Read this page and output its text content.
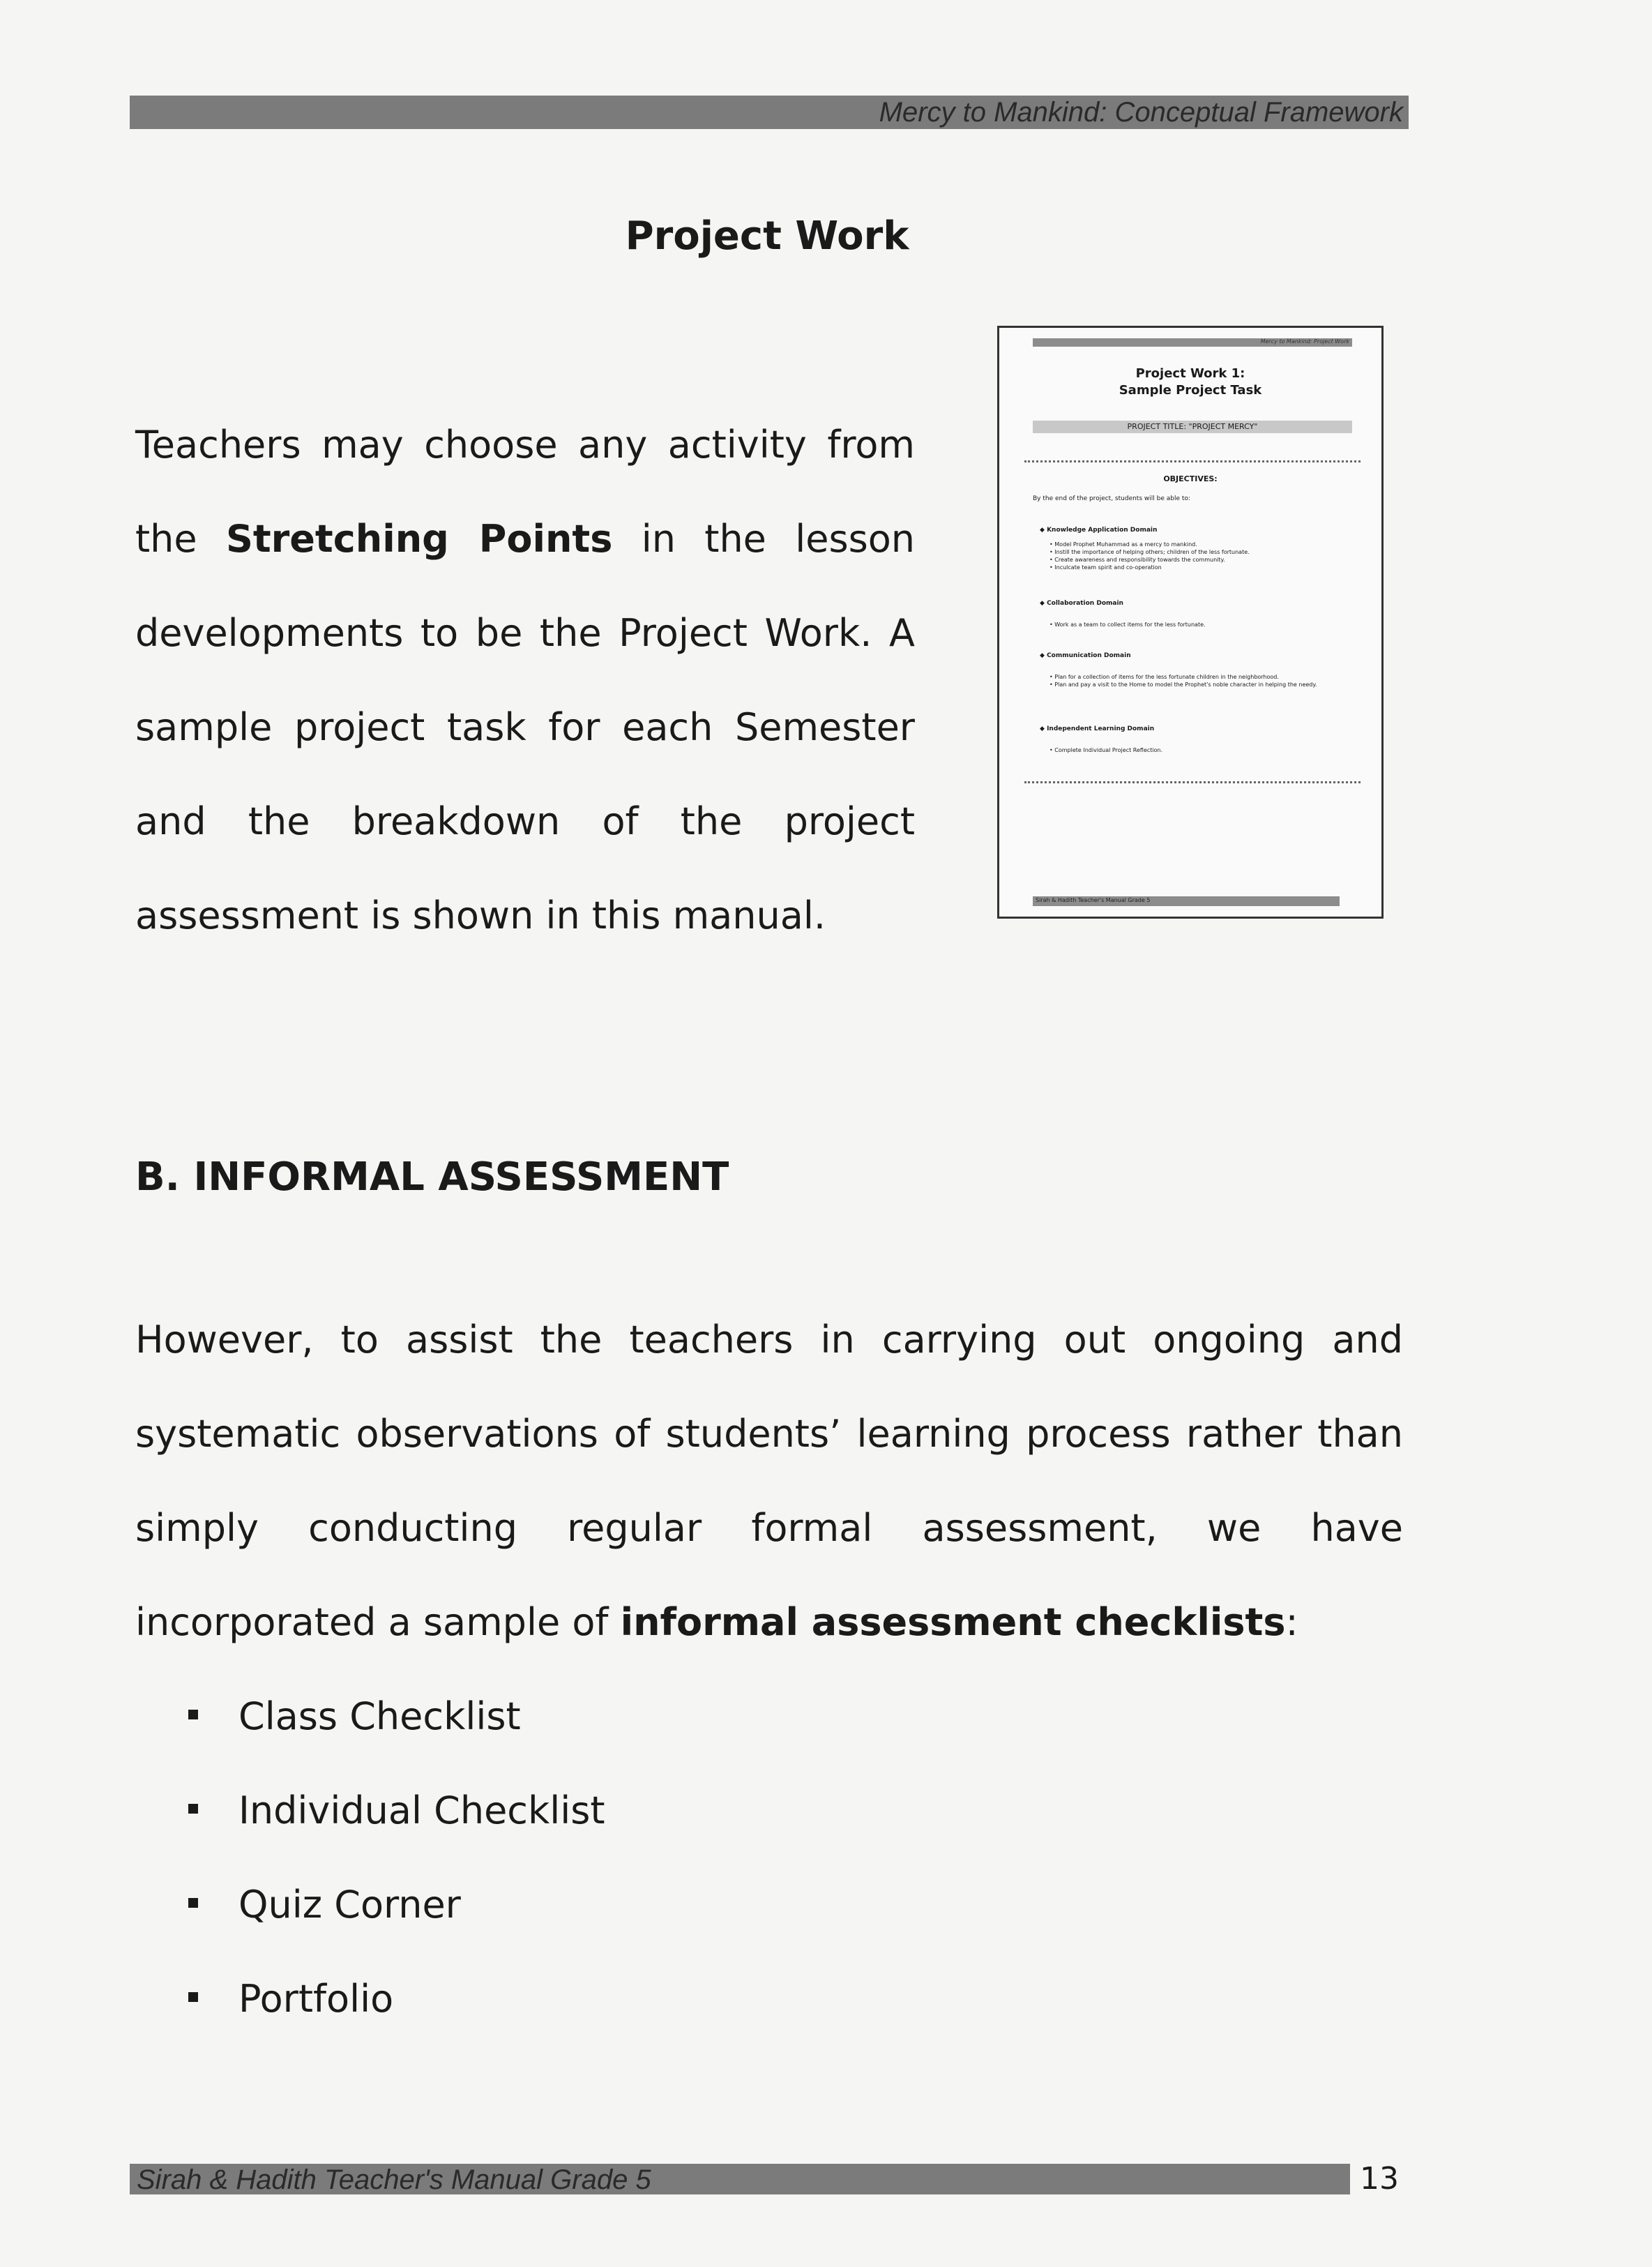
Mercy to Mankind: Conceptual Framework
Project Work

Teachers may choose any activity from the Stretching Points in the lesson developments to be the Project Work. A sample project task for each Semester and the breakdown of the project assessment is shown in this manual.

Mercy to Mankind: Project Work
Project Work 1:
Sample Project Task
PROJECT TITLE: "PROJECT MERCY"
OBJECTIVES:
By the end of the project, students will be able to:
◆ Knowledge Application Domain
• Model Prophet Muhammad as a mercy to mankind.
• Instill the importance of helping others; children of the less fortunate.
• Create awareness and responsibility towards the community.
• Inculcate team spirit and co-operation
◆ Collaboration Domain
• Work as a team to collect items for the less fortunate.
◆ Communication Domain
• Plan for a collection of items for the less fortunate children in the neighborhood.
• Plan and pay a visit to the Home to model the Prophet's noble character in helping the needy.
◆ Independent Learning Domain
• Complete Individual Project Reflection.
Sirah & Hadith Teacher's Manual Grade 5
B. INFORMAL ASSESSMENT

However, to assist the teachers in carrying out ongoing and systematic observations of students’ learning process rather than simply conducting regular formal assessment, we have incorporated a sample of informal assessment checklists:

Class Checklist
Individual Checklist
Quiz Corner
Portfolio
Sirah & Hadith Teacher's Manual Grade 5	13
